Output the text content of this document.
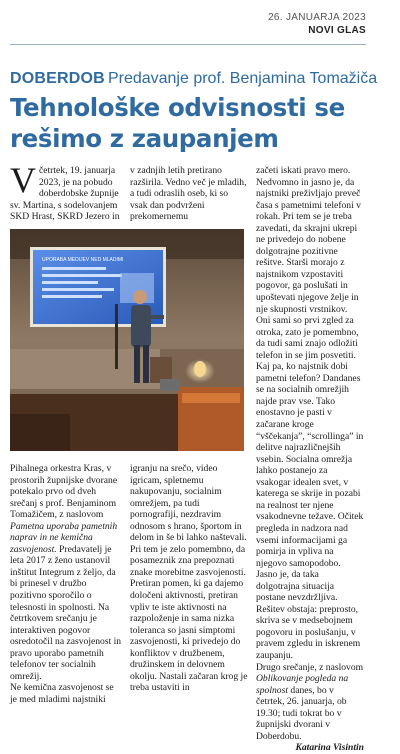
26. JANUARJA 2023
NOVI GLAS
DOBERDOB Predavanje prof. Benjamina Tomažiča
Tehnološke odvisnosti se
rešimo z zaupanjem

Včetrtek, 19. januarja 2023, je na pobudo doberdobske župnije sv. Martina, s sodelovanjem SKD Hrast, SKRD Jezero in

v zadnjih letih pretirano razširila. Vedno več je mladih, a tudi odraslih oseb, ki so vsak dan podvrženi prekomernemu

UPORABA MEDIJEV NED MLADIMI

Pihalnega orkestra Kras, v prostorih župnijske dvorane potekalo prvo od dveh srečanj s prof. Benjaminom Tomažičem, z naslovom Pametna uporaba pametnih naprav in ne kemična zasvojenost. Predavatelj je leta 2017 z ženo ustanovil inštitut Integrum z željo, da bi prinesel v družbo pozitivno sporočilo o telesnosti in spolnosti. Na četrtkovem srečanju je interaktiven pogovor osredotočil na zasvojenost in pravo uporabo pametnih telefonov ter socialnih omrežij.

Ne kemična zasvojenost se je med mladimi najstniki

igranju na srečo, video igricam, spletnemu nakupovanju, socialnim omrežjem, pa tudi pornografiji, nezdravim odnosom s hrano, športom in delom in še bi lahko naštevali. Pri tem je zelo pomembno, da posameznik zna prepoznati znake morebitne zasvojenosti. Pretiran pomen, ki ga dajemo določeni aktivnosti, pretiran vpliv te iste aktivnosti na razpoloženje in sama nizka toleranca so jasni simptomi zasvojenosti, ki privedejo do konfliktov v družbenem, družinskem in delovnem okolju. Nastali začaran krog je treba ustaviti in

začeti iskati pravo mero. Nedvomno in jasno je, da najstniki preživljajo preveč časa s pametnimi telefoni v rokah. Pri tem se je treba zavedati, da skrajni ukrepi ne privedejo do nobene dolgotrajne pozitivne rešitve. Starši morajo z najstnikom vzpostaviti pogovor, ga poslušati in upoštevati njegove želje in nje skupnosti vrstnikov. Oni sami so prvi zgled za otroka, zato je pomembno, da tudi sami znajo odložiti telefon in se jim posvetiti. Kaj pa, ko najstnik dobi pametni telefon? Dandanes se na socialnih omrežjih najde prav vse. Tako enostavno je pasti v začarane kroge “vščekanja”, “scrollinga” in delitve najrazličnejših vsebin. Socialna omrežja lahko postanejo za vsakogar idealen svet, v katerega se skrije in pozabi na realnost ter njene vsakodnevne težave. Očitek pregleda in nadzora nad vsemi informacijami ga pomirja in vpliva na njegovo samopodobo. Jasno je, da taka dolgotrajna situacija postane nevzdržljiva. Rešitev obstaja: preprosto, skriva se v medsebojnem pogovoru in poslušanju, v pravem zgledu in iskrenem zaupanju.

Drugo srečanje, z naslovom Oblikovanje pogleda na spolnost danes, bo v četrtek, 26. januarja, ob 19.30; tudi tokrat bo v župnijski dvorani v Doberdobu.

Katarina Visintin
